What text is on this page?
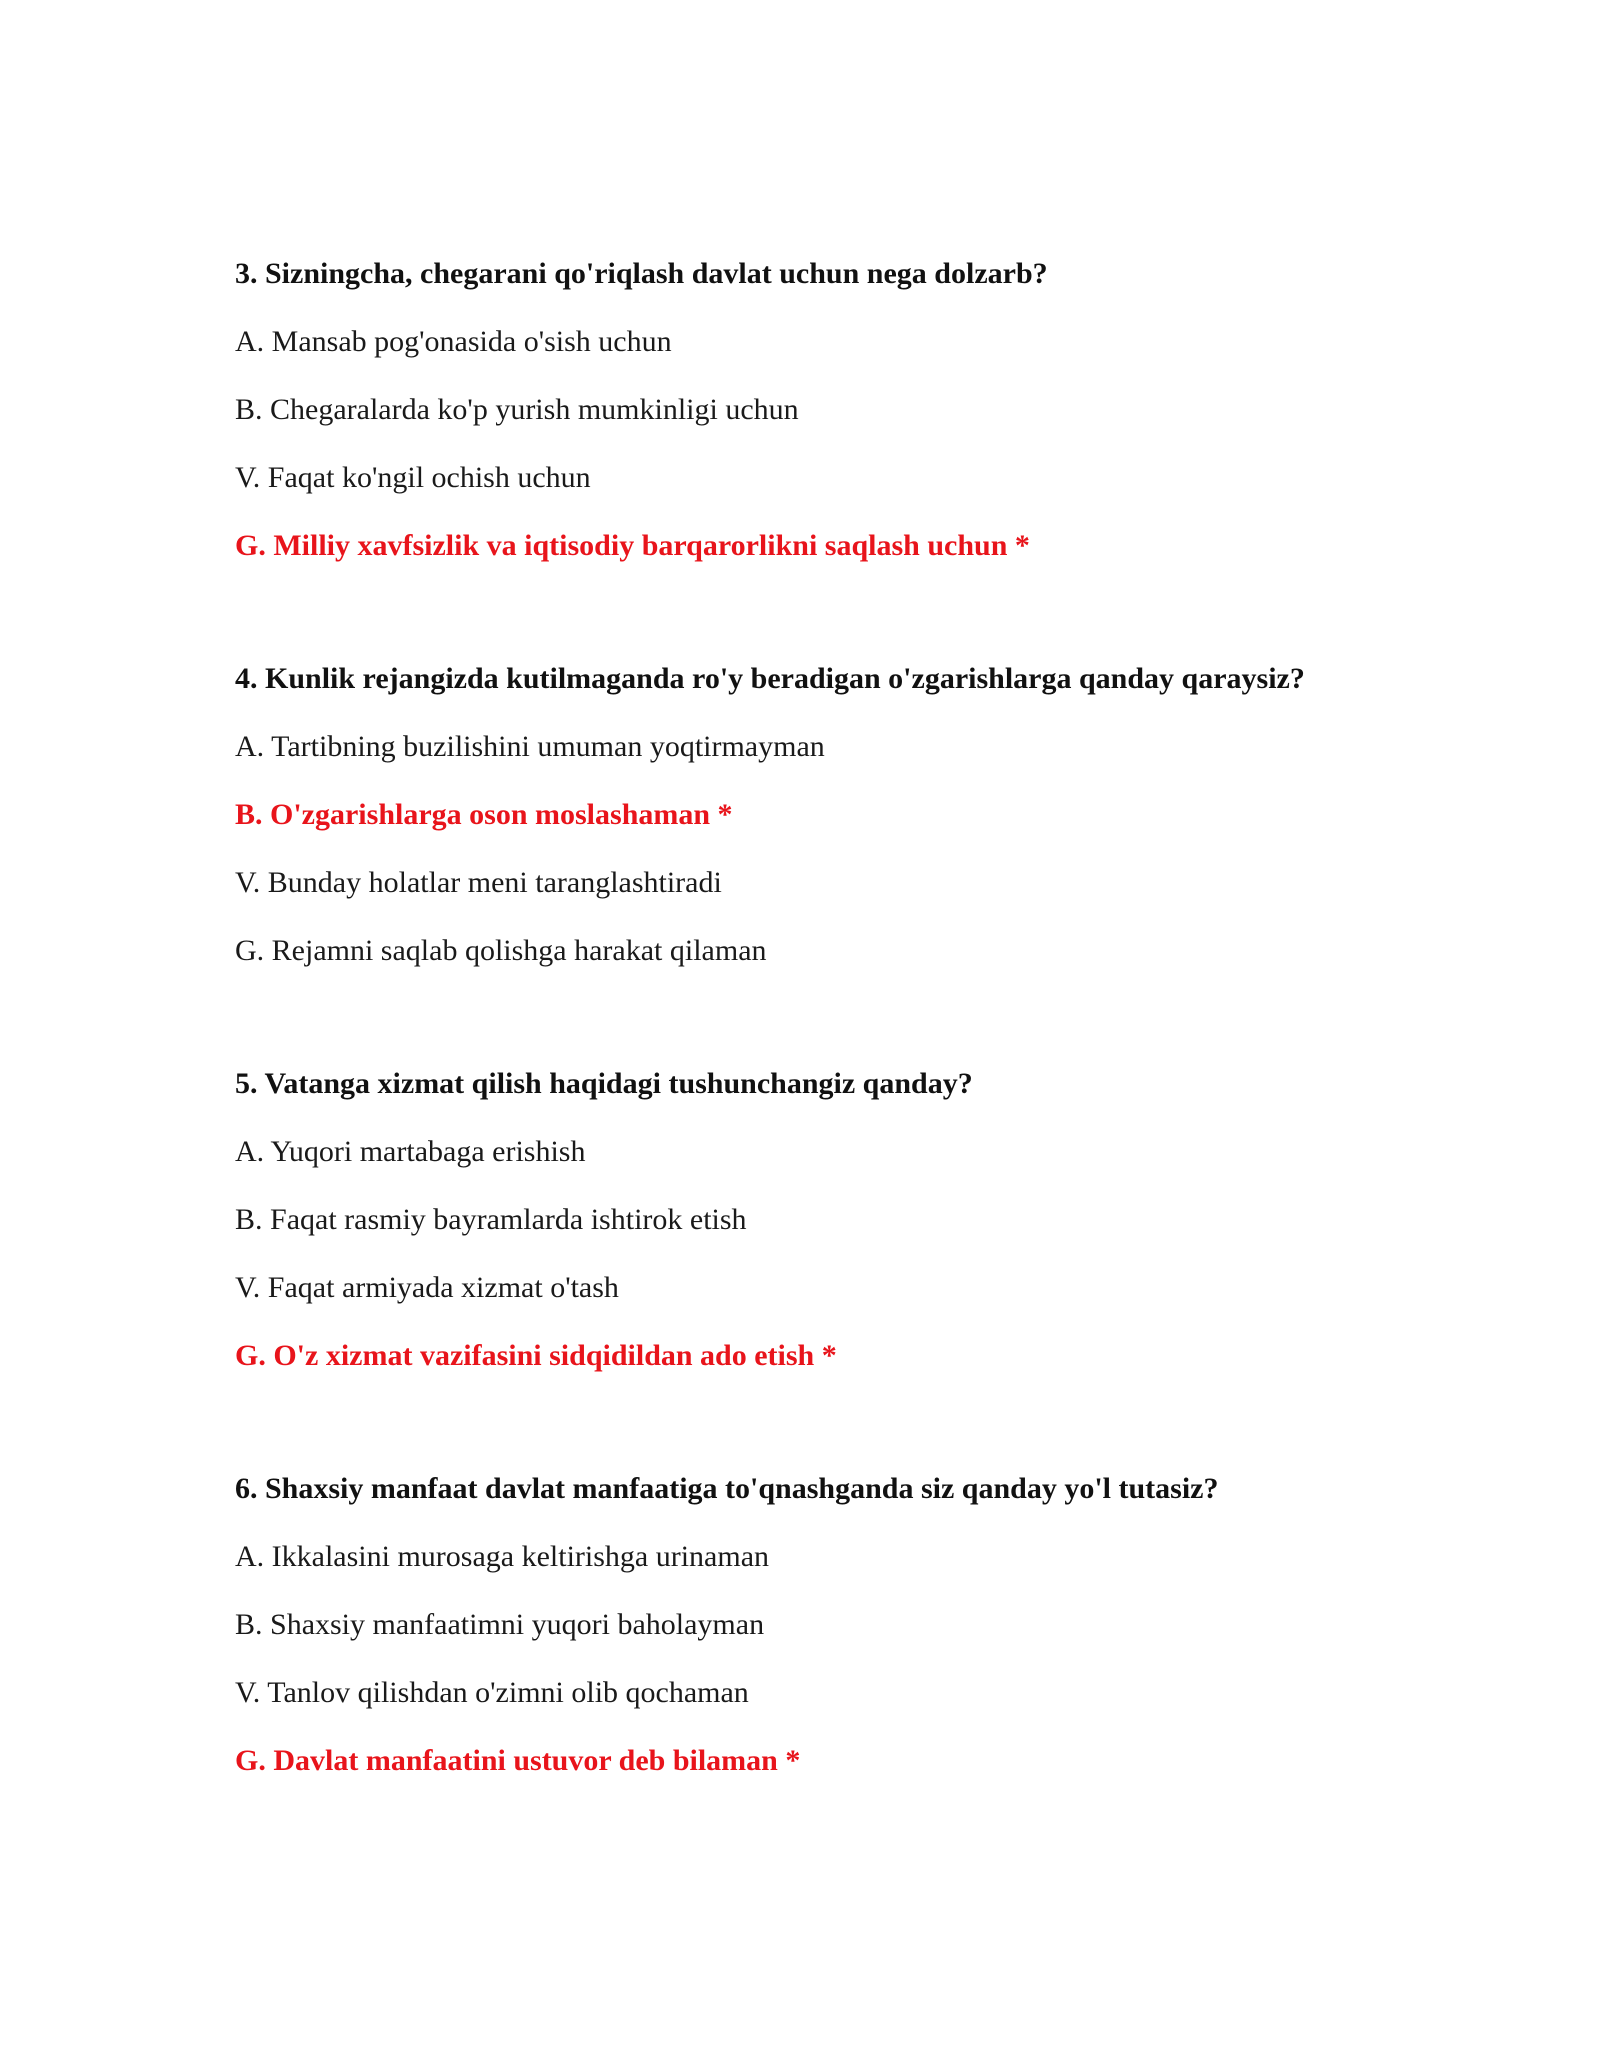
3. Sizningcha, chegarani qo'riqlash davlat uchun nega dolzarb?

A. Mansab pog'onasida o'sish uchun

B. Chegaralarda ko'p yurish mumkinligi uchun

V. Faqat ko'ngil ochish uchun

G. Milliy xavfsizlik va iqtisodiy barqarorlikni saqlash uchun *

4. Kunlik rejangizda kutilmaganda ro'y beradigan o'zgarishlarga qanday qaraysiz?

A. Tartibning buzilishini umuman yoqtirmayman

B. O'zgarishlarga oson moslashaman *

V. Bunday holatlar meni taranglashtiradi

G. Rejamni saqlab qolishga harakat qilaman

5. Vatanga xizmat qilish haqidagi tushunchangiz qanday?

A. Yuqori martabaga erishish

B. Faqat rasmiy bayramlarda ishtirok etish

V. Faqat armiyada xizmat o'tash

G. O'z xizmat vazifasini sidqidildan ado etish *

6. Shaxsiy manfaat davlat manfaatiga to'qnashganda siz qanday yo'l tutasiz?

A. Ikkalasini murosaga keltirishga urinaman

B. Shaxsiy manfaatimni yuqori baholayman

V. Tanlov qilishdan o'zimni olib qochaman

G. Davlat manfaatini ustuvor deb bilaman *
